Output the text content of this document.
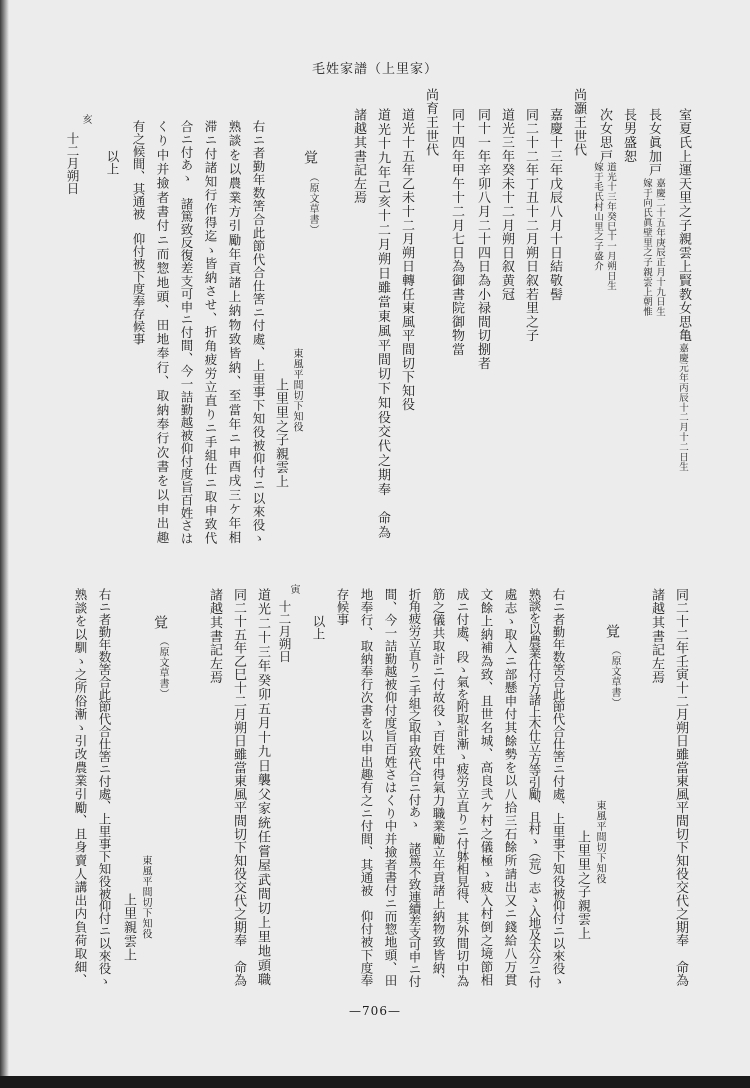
毛姓家譜（上里家）
室夏氏上運天里之子親雲上賢教女思亀
嘉慶元年丙辰十二月十二日生
長女眞加戸
嘉慶二十五年庚辰正月十九日生
嫁于向氏眞壁里之子親雲上朝惟
長男盛恕
次女思戸
道光十三年癸巳十一月朔日生
嫁于毛氏村山里之子盛介
尚灝王世代
嘉慶十三年戊辰八月十日結敬髻
同二十二年丁丑十二月朔日叙若里之子
道光三年癸未十二月朔日叙黄冠
同十一年辛卯八月二十四日為小禄間切捌者
同十四年甲午十二月七日為御書院御物當
尚育王世代
道光十五年乙未十二月朔日轉任東風平間切下知役
道光十九年己亥十二月朔日雖當東風平間切下知役交代之期奉　命為
諸越其書記左焉
覚
（原文草書）
東風平間切下知役
上里里之子親雲上
右ニ者勤年数筈合此節代合仕筈ニ付處、上里事下知役被仰付ニ以來役ゝ
熟談を以農業方引勵年貢諸上納物致皆納、至當年ニ申酉戌三ケ年相
滞ニ付諸知行作得迄ゝ皆納させ、折角疲労立直りニ手組仕ニ取申致代
合ニ付あゝ　諸篤致反復差支可申ニ付間、今一詰勤越被仰付度旨百姓さは
くり中并撿者書付ニ而惣地頭、田地奉行、取納奉行次書を以申出趣
有之候間、其通被　仰付被下度奉存候事
以上
亥
十二月朔日
同二十二年壬寅十二月朔日雖當東風平間切下知役交代之期奉　命為
諸越其書記左焉
覚
（原文草書）
東風平間切下知役
上里里之子親雲上
右ニ者勤年数筈合此節代合仕筈ニ付處、上里事下知役被仰付ニ以來役ゝ
熟談を以農業仕付方諸上木仕立方等引勵、且村ゝ（荒）志ゝ入地及太分ニ付
處志ゝ取入ニ部懸申付其餘勢を以八拾三石餘所請出又ニ錢給八万貫
文餘上納補為致、且世名城、高良弐ケ村之儀極ゝ疲入村倒之境節相
成ニ付處、段ゝ氣を附取計漸ゝ疲労立直りニ付躰相見得、其外間切中為
筋之儀共取計ニ付故役ゝ百姓中得氣力職業勵立年貢諸上納物致皆納、
折角疲労立直りニ手組之取申致代合ニ付あゝ　諸篤不致連續差支可申ニ付
間、今一詰勤越被仰付度旨百姓さはくり中并撿者書付ニ而惣地頭、田
地奉行、取納奉行次書を以申出趣有之ニ付間、其通被　仰付被下度奉
存候事
以上
寅
十二月朔日
道光二十三年癸卯五月十九日襲父家統任嘗屋武間切上里地頭職
同二十五年乙巳十二月朔日雖當東風平間切下知役交代之期奉　命為
諸越其書記左焉
覚
（原文草書）
東風平間切下知役
上里親雲上
右ニ者勤年数筈合此節代合仕筈ニ付處、上里事下知役被仰付ニ以來役ゝ
熟談を以馴ゝ之所俗漸ゝ引改農業引勵、且身賣人講出内負荷取細、
—706—
